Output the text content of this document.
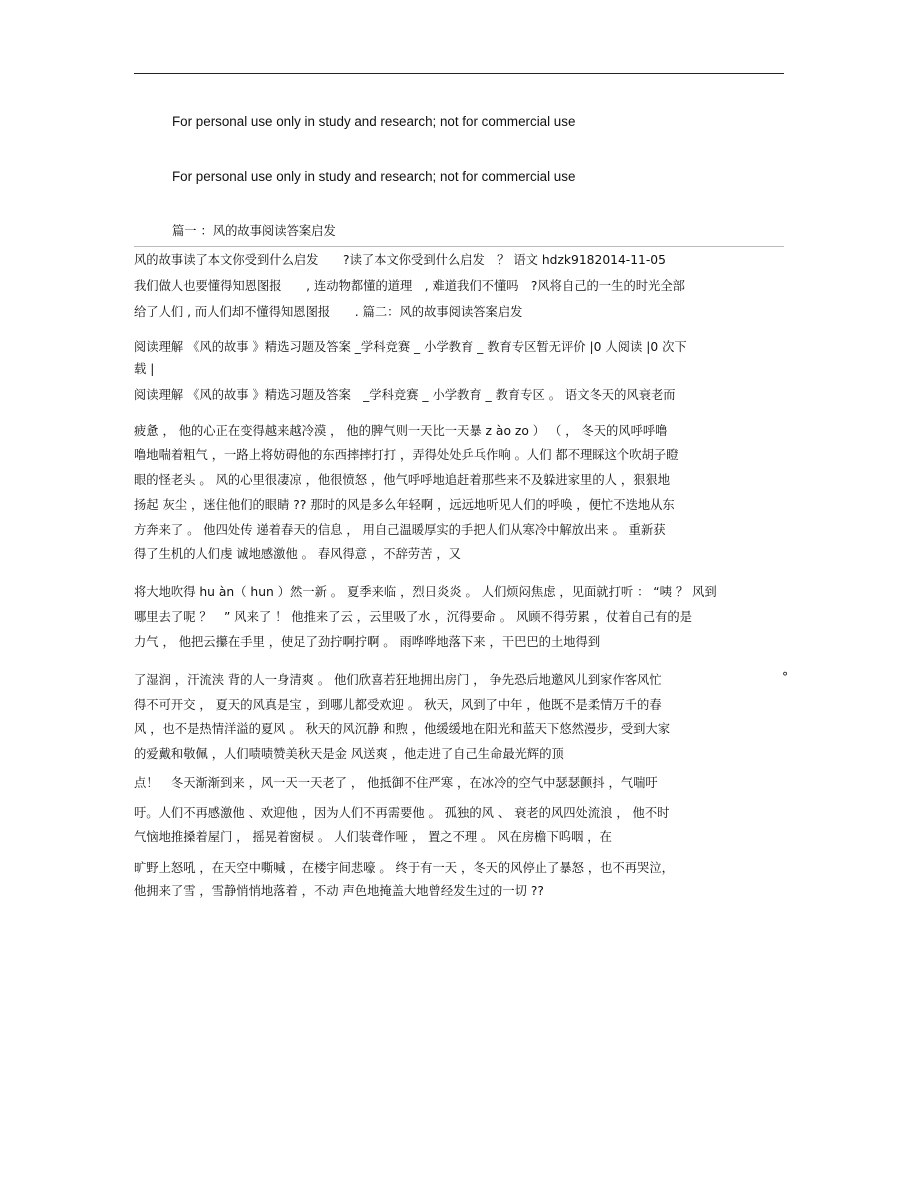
For personal use only in study and research; not for commercial use
For personal use only in study and research; not for commercial use
篇一 ：风的故事阅读答案启发
风的故事读了本文你受到什么启发　　?读了本文你受到什么启发　？ 语文 hdzk9182014-11-05
我们做人也要懂得知恩图报　　, 连动物都懂的道理　, 难道我们不懂吗　?风将自己的一生的时光全部
给了人们 , 而人们却不懂得知恩图报　　. 篇二：风的故事阅读答案启发
阅读理解 《风的故事 》精选习题及答案 _学科竞赛 _ 小学教育 _ 教育专区暂无评价 |0 人阅读 |0 次下
载 |
阅读理解 《风的故事 》精选习题及答案　_学科竞赛 _ 小学教育 _ 教育专区 。 语文冬天的风衰老而
疲惫 ， 他的心正在变得越来越冷漠 ， 他的脾气则一天比一天暴 z ào zo ） （ ， 冬天的风呼呼噜
噜地喘着粗气 ，一路上将妨碍他的东西摔摔打打 ，弄得处处乒乓作响 。人们 都不理睬这个吹胡子瞪
眼的怪老头 。 风的心里很凄凉 ，他很愤怒 ，他气呼呼地追赶着那些来不及躲进家里的人 ，狠狠地
扬起 灰尘 ，迷住他们的眼睛 ?? 那时的风是多么年轻啊 ，远远地听见人们的呼唤 ，便忙不迭地从东
方奔来了 。 他四处传 递着春天的信息 ， 用自己温暖厚实的手把人们从寒冷中解放出来 。 重新获
得了生机的人们虔 诚地感激他 。 春风得意 ，不辞劳苦 ，又
将大地吹得 hu àn（ hun ）然一新 。 夏季来临 ，烈日炎炎 。 人们烦闷焦虑 ，见面就打听 ： “咦 ？ 风到
哪里去了呢 ？　” 风来了 ！ 他推来了云 ，云里吸了水 ，沉得要命 。 风顾不得劳累 ，仗着自己有的是
力气 ， 他把云攥在手里 ，使足了劲拧啊拧啊 。 雨哗哗地落下来 ，干巴巴的土地得到
了湿润 ，汗流浃 背的人一身清爽 。 他们欣喜若狂地拥出房门 ， 争先恐后地邀风儿到家作客风忙	°
得不可开交 ， 夏天的风真是宝 ，到哪儿都受欢迎 。 秋天，风到了中年 ，他既不是柔情万千的春
风 ，也不是热情洋溢的夏风 。 秋天的风沉静 和煦 ，他缓缓地在阳光和蓝天下悠然漫步，受到大家
的爱戴和敬佩 ，人们啧啧赞美秋天是金 风送爽 ，他走进了自己生命最光辉的顶
点！　冬天渐渐到来 ，风一天一天老了 ， 他抵御不住严寒 ，在冰冷的空气中瑟瑟颤抖 ，气喘吁
吁。人们不再感激他 、欢迎他 ，因为人们不再需要他 。 孤独的风 、 衰老的风四处流浪 ， 他不时
气恼地推搡着屋门 ， 摇晃着窗棂 。 人们装聋作哑 ， 置之不理 。 风在房檐下呜咽 ，在
旷野上怒吼 ，在天空中嘶喊 ，在楼宇间悲嚎 。 终于有一天 ，冬天的风停止了暴怒 ，也不再哭泣，
他拥来了雪 ，雪静悄悄地落着 ，不动 声色地掩盖大地曾经发生过的一切 ??
